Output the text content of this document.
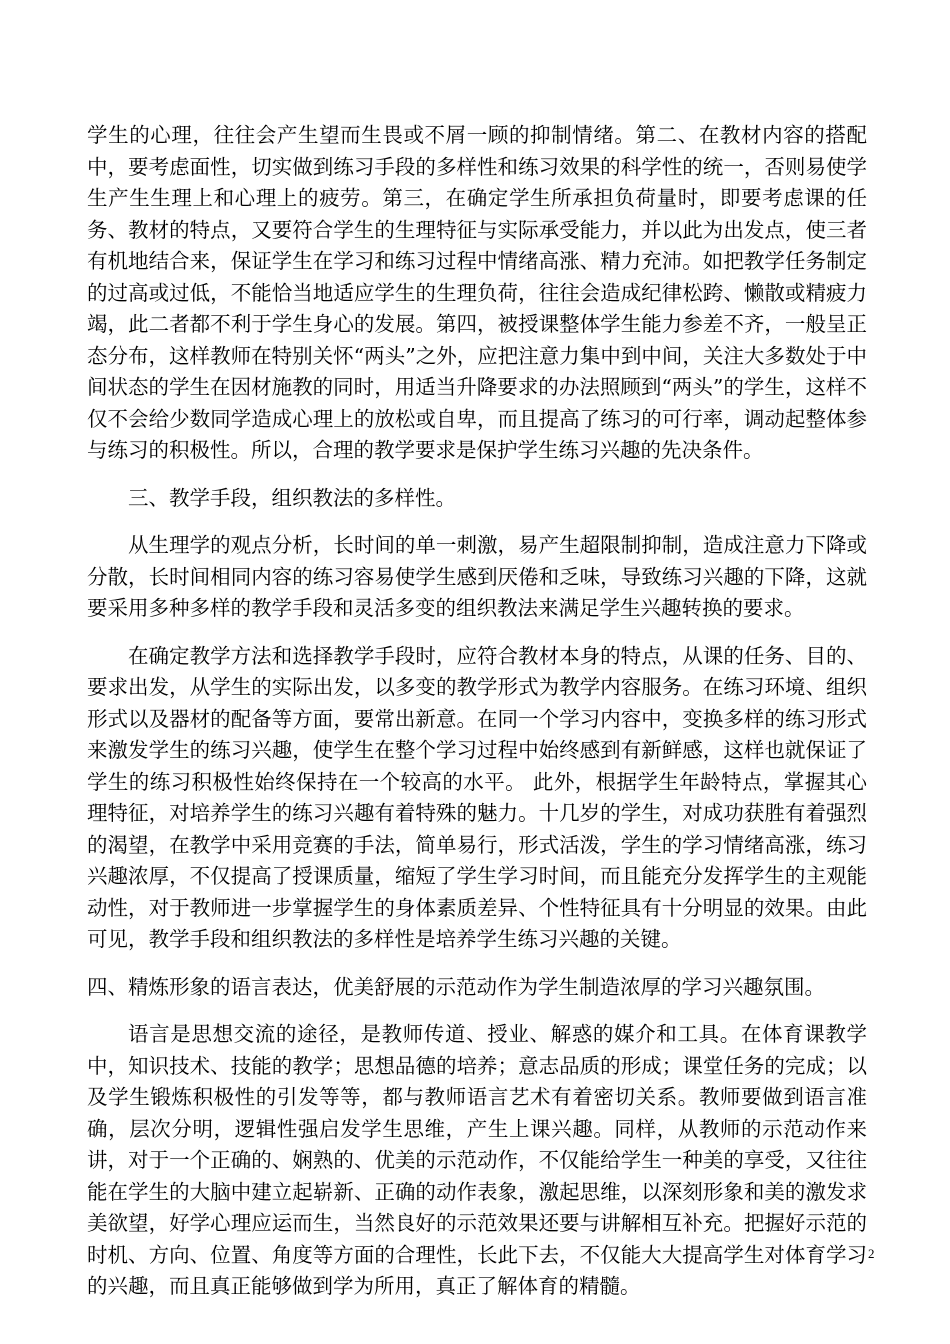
学生的心理，往往会产生望而生畏或不屑一顾的抑制情绪。第二、在教材内容的搭配中，要考虑面性，切实做到练习手段的多样性和练习效果的科学性的统一，否则易使学生产生生理上和心理上的疲劳。第三，在确定学生所承担负荷量时，即要考虑课的任务、教材的特点，又要符合学生的生理特征与实际承受能力，并以此为出发点，使三者有机地结合来，保证学生在学习和练习过程中情绪高涨、精力充沛。如把教学任务制定的过高或过低，不能恰当地适应学生的生理负荷，往往会造成纪律松跨、懒散或精疲力竭，此二者都不利于学生身心的发展。第四，被授课整体学生能力参差不齐，一般呈正态分布，这样教师在特别关怀“两头”之外，应把注意力集中到中间，关注大多数处于中间状态的学生在因材施教的同时，用适当升降要求的办法照顾到“两头”的学生，这样不仅不会给少数同学造成心理上的放松或自卑，而且提高了练习的可行率，调动起整体参与练习的积极性。所以，合理的教学要求是保护学生练习兴趣的先决条件。

三、教学手段，组织教法的多样性。

从生理学的观点分析，长时间的单一刺激，易产生超限制抑制，造成注意力下降或分散，长时间相同内容的练习容易使学生感到厌倦和乏味，导致练习兴趣的下降，这就要采用多种多样的教学手段和灵活多变的组织教法来满足学生兴趣转换的要求。

在确定教学方法和选择教学手段时，应符合教材本身的特点，从课的任务、目的、要求出发，从学生的实际出发，以多变的教学形式为教学内容服务。在练习环境、组织形式以及器材的配备等方面，要常出新意。在同一个学习内容中，变换多样的练习形式来激发学生的练习兴趣，使学生在整个学习过程中始终感到有新鲜感，这样也就保证了学生的练习积极性始终保持在一个较高的水平。 此外，根据学生年龄特点，掌握其心理特征，对培养学生的练习兴趣有着特殊的魅力。十几岁的学生，对成功获胜有着强烈的渴望，在教学中采用竞赛的手法，简单易行，形式活泼，学生的学习情绪高涨，练习兴趣浓厚，不仅提高了授课质量，缩短了学生学习时间，而且能充分发挥学生的主观能动性，对于教师进一步掌握学生的身体素质差异、个性特征具有十分明显的效果。由此可见，教学手段和组织教法的多样性是培养学生练习兴趣的关键。

四、精炼形象的语言表达，优美舒展的示范动作为学生制造浓厚的学习兴趣氛围。

语言是思想交流的途径，是教师传道、授业、解惑的媒介和工具。在体育课教学中，知识技术、技能的教学；思想品德的培养；意志品质的形成；课堂任务的完成；以及学生锻炼积极性的引发等等，都与教师语言艺术有着密切关系。教师要做到语言准确，层次分明，逻辑性强启发学生思维，产生上课兴趣。同样，从教师的示范动作来讲，对于一个正确的、娴熟的、优美的示范动作，不仅能给学生一种美的享受，又往往能在学生的大脑中建立起崭新、正确的动作表象，激起思维，以深刻形象和美的激发求美欲望，好学心理应运而生，当然良好的示范效果还要与讲解相互补充。把握好示范的时机、方向、位置、角度等方面的合理性，长此下去，不仅能大大提高学生对体育学习的兴趣，而且真正能够做到学为所用，真正了解体育的精髓。

2
